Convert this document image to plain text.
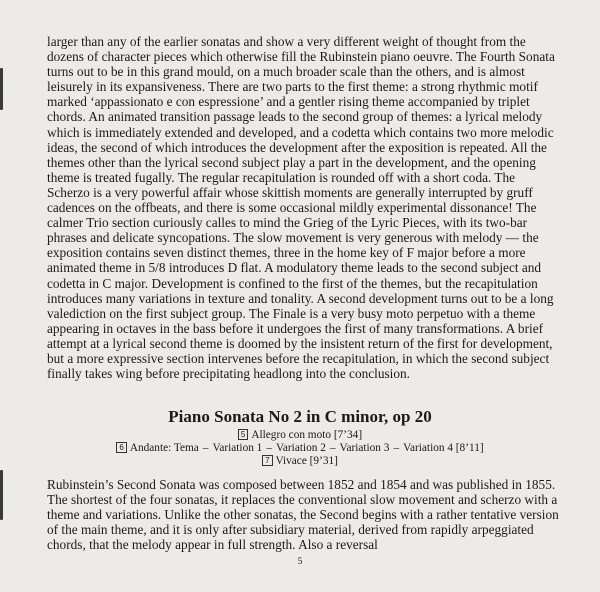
larger than any of the earlier sonatas and show a very different weight of thought from the dozens of character pieces which otherwise fill the Rubinstein piano oeuvre. The Fourth Sonata turns out to be in this grand mould, on a much broader scale than the others, and is almost leisurely in its expansiveness. There are two parts to the first theme: a strong rhythmic motif marked ‘appassionato e con espressione’ and a gentler rising theme accompanied by triplet chords. An animated transition passage leads to the second group of themes: a lyrical melody which is immediately extended and developed, and a codetta which contains two more melodic ideas, the second of which introduces the development after the exposition is repeated. All the themes other than the lyrical second subject play a part in the development, and the opening theme is treated fugally. The regular recapitulation is rounded off with a short coda. The Scherzo is a very powerful affair whose skittish moments are generally interrupted by gruff cadences on the offbeats, and there is some occasional mildly experimental dissonance! The calmer Trio section curiously calles to mind the Grieg of the Lyric Pieces, with its two-bar phrases and delicate syncopations. The slow movement is very generous with melody — the exposition contains seven distinct themes, three in the home key of F major before a more animated theme in 5/8 introduces D flat. A modulatory theme leads to the second subject and codetta in C major. Development is confined to the first of the themes, but the recapitulation introduces many variations in texture and tonality. A second development turns out to be a long valediction on the first subject group. The Finale is a very busy moto perpetuo with a theme appearing in octaves in the bass before it undergoes the first of many transformations. A brief attempt at a lyrical second theme is doomed by the insistent return of the first for development, but a more expressive section intervenes before the recapitulation, in which the second subject finally takes wing before precipitating headlong into the conclusion.

Piano Sonata No 2 in C minor, op 20
5 Allegro con moto [7’34]
6 Andante: Tema – Variation 1 – Variation 2 – Variation 3 – Variation 4 [8’11]
7 Vivace [9’31]

Rubinstein’s Second Sonata was composed between 1852 and 1854 and was published in 1855. The shortest of the four sonatas, it replaces the conventional slow movement and scherzo with a theme and variations. Unlike the other sonatas, the Second begins with a rather tentative version of the main theme, and it is only after subsidiary material, derived from rapidly arpeggiated chords, that the melody appear in full strength. Also a reversal

5
